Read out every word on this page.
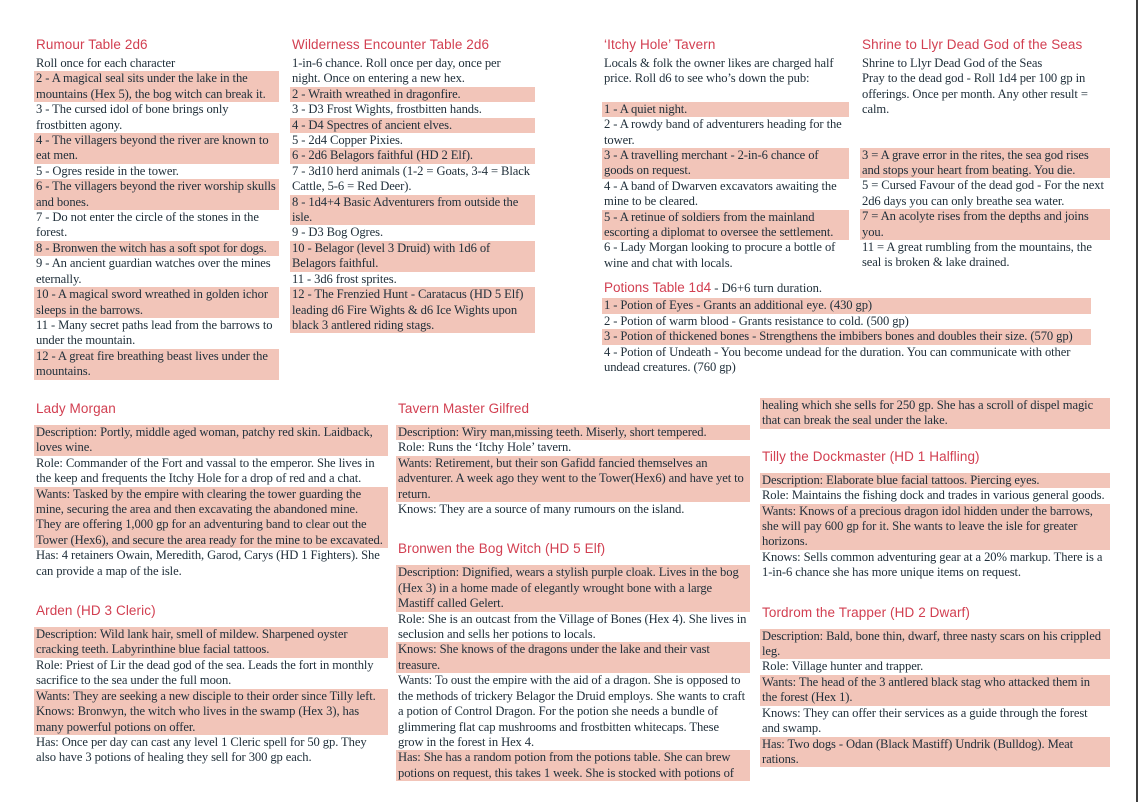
Rumour Table 2d6
Roll once for each character
2 - A magical seal sits under the lake in the mountains (Hex 5), the bog witch can break it.
3 - The cursed idol of bone brings only frostbitten agony.
4 - The villagers beyond the river are known to eat men.
5 - Ogres reside in the tower.
6 - The villagers beyond the river worship skulls and bones.
7 - Do not enter the circle of the stones in the forest.
8 - Bronwen the witch has a soft spot for dogs.
9 - An ancient guardian watches over the mines eternally.
10 - A magical sword wreathed in golden ichor sleeps in the barrows.
11 - Many secret paths lead from the barrows to under the mountain.
12 - A great fire breathing beast lives under the mountains.
Wilderness Encounter Table 2d6
1-in-6 chance. Roll once per day, once per night. Once on entering a new hex.
2 - Wraith wreathed in dragonfire.
3 - D3 Frost Wights, frostbitten hands.
4 - D4 Spectres of ancient elves.
5 - 2d4 Copper Pixies.
6 - 2d6 Belagors faithful (HD 2 Elf).
7 - 3d10 herd animals (1-2 = Goats, 3-4 = Black Cattle, 5-6 = Red Deer).
8 - 1d4+4 Basic Adventurers from outside the isle.
9 - D3 Bog Ogres.
10 - Belagor (level 3 Druid) with 1d6 of Belagors faithful.
11 - 3d6 frost sprites.
12 - The Frenzied Hunt - Caratacus (HD 5 Elf) leading d6 Fire Wights & d6 Ice Wights upon black 3 antlered riding stags.
‘Itchy Hole’ Tavern
Locals & folk the owner likes are charged half price. Roll d6 to see who’s down the pub:
1 - A quiet night.
2 - A rowdy band of adventurers heading for the tower.
3 - A travelling merchant - 2-in-6 chance of goods on request.
4 - A band of Dwarven excavators awaiting the mine to be cleared.
5 - A retinue of soldiers from the mainland escorting a diplomat to oversee the settlement.
6 - Lady Morgan looking to procure a bottle of wine and chat with locals.
Shrine to Llyr Dead God of the Seas
Shrine to Llyr Dead God of the Seas
Pray to the dead god - Roll 1d4 per 100 gp in offerings. Once per month. Any other result = calm.
3 = A grave error in the rites, the sea god rises and stops your heart from beating. You die.
5 = Cursed Favour of the dead god - For the next 2d6 days you can only breathe sea water.
7 = An acolyte rises from the depths and joins you.
11 = A great rumbling from the mountains, the seal is broken & lake drained.
Potions Table 1d4 - D6+6 turn duration.
1 - Potion of Eyes - Grants an additional eye. (430 gp)
2 - Potion of warm blood - Grants resistance to cold. (500 gp)
3 - Potion of thickened bones - Strengthens the imbibers bones and doubles their size. (570 gp)
4 - Potion of Undeath - You become undead for the duration. You can communicate with other undead creatures. (760 gp)
Lady Morgan
Description: Portly, middle aged woman, patchy red skin. Laidback, loves wine.
Role: Commander of the Fort and vassal to the emperor. She lives in the keep and frequents the Itchy Hole for a drop of red and a chat.
Wants: Tasked by the empire with clearing the tower guarding the mine, securing the area and then excavating the abandoned mine. They are offering 1,000 gp for an adventuring band to clear out the Tower (Hex6), and secure the area ready for the mine to be excavated.
Has: 4 retainers Owain, Meredith, Garod, Carys (HD 1 Fighters). She can provide a map of the isle.
Arden (HD 3 Cleric)
Description: Wild lank hair, smell of mildew. Sharpened oyster cracking teeth. Labyrinthine blue facial tattoos.
Role: Priest of Lir the dead god of the sea. Leads the fort in monthly sacrifice to the sea under the full moon.
Wants: They are seeking a new disciple to their order since Tilly left.
Knows: Bronwyn, the witch who lives in the swamp (Hex 3), has many powerful potions on offer.
Has: Once per day can cast any level 1 Cleric spell for 50 gp. They also have 3 potions of healing they sell for 300 gp each.
Tavern Master Gilfred
Description: Wiry man,missing teeth. Miserly, short tempered.
Role: Runs the ‘Itchy Hole’ tavern.
Wants: Retirement, but their son Gafidd fancied themselves an adventurer. A week ago they went to the Tower(Hex6) and have yet to return.
Knows: They are a source of many rumours on the island.
Bronwen the Bog Witch (HD 5 Elf)
Description: Dignified, wears a stylish purple cloak. Lives in the bog (Hex 3) in a home made of elegantly wrought bone with a large Mastiff called Gelert.
Role: She is an outcast from the Village of Bones (Hex 4). She lives in seclusion and sells her potions to locals.
Knows: She knows of the dragons under the lake and their vast treasure.
Wants: To oust the empire with the aid of a dragon. She is opposed to the methods of trickery Belagor the Druid employs. She wants to craft a potion of Control Dragon. For the potion she needs a bundle of glimmering flat cap mushrooms and frostbitten whitecaps. These grow in the forest in Hex 4.
Has: She has a random potion from the potions table. She can brew potions on request, this takes 1 week. She is stocked with potions of
healing which she sells for 250 gp. She has a scroll of dispel magic that can break the seal under the lake.
Tilly the Dockmaster (HD 1 Halfling)
Description: Elaborate blue facial tattoos. Piercing eyes.
Role: Maintains the fishing dock and trades in various general goods.
Wants: Knows of a precious dragon idol hidden under the barrows, she will pay 600 gp for it. She wants to leave the isle for greater horizons.
Knows: Sells common adventuring gear at a 20% markup. There is a 1-in-6 chance she has more unique items on request.
Tordrom the Trapper (HD 2 Dwarf)
Description: Bald, bone thin, dwarf, three nasty scars on his crippled leg.
Role: Village hunter and trapper.
Wants: The head of the 3 antlered black stag who attacked them in the forest (Hex 1).
Knows: They can offer their services as a guide through the forest and swamp.
Has: Two dogs - Odan (Black Mastiff) Undrik (Bulldog). Meat rations.
